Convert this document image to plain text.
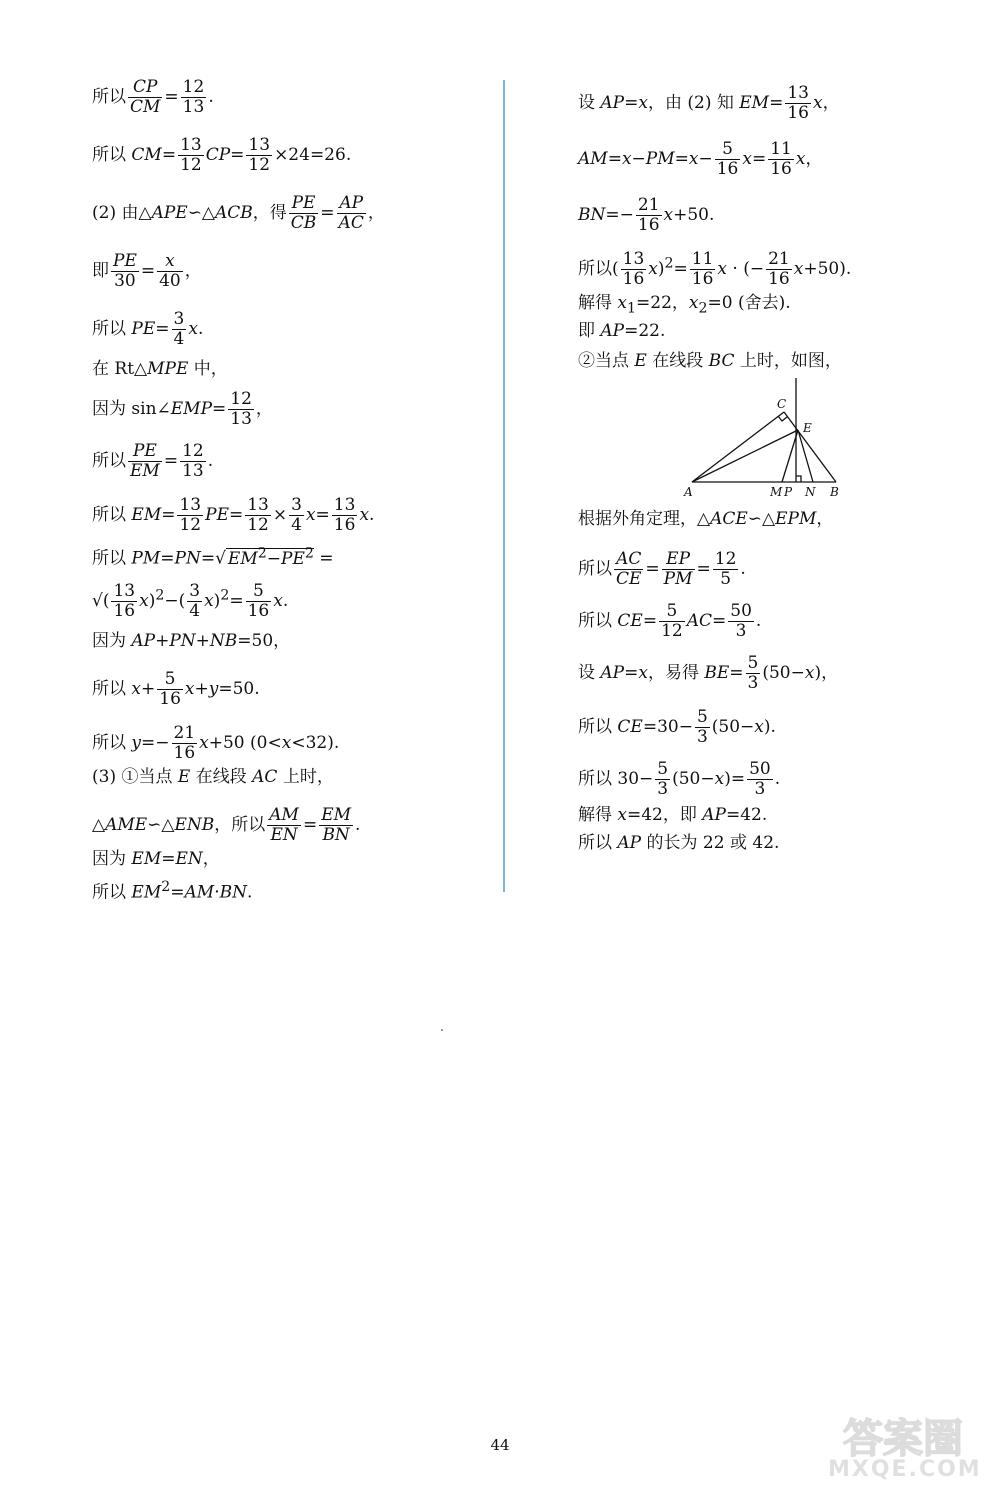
所以 $\frac{CP}{CM} = \frac{12}{13}$ .
所以 $CM= \frac{13}{12} CP= \frac{13}{12} \times 24=26$.
(2) 由△APE∽△ACB，得 $\frac{PE}{CB} = \frac{AP}{AC}$ ，
即 $\frac{PE}{30} = \frac{x}{40}$ ，
所以 $PE= \frac{3}{4} x$.
在 Rt△MPE 中，
因为 sin∠EMP= $\frac{12}{13}$ ，
所以 $\frac{PE}{EM} = \frac{12}{13}$ .
所以 $EM= \frac{13}{12} PE= \frac{13}{12} \times \frac{3}{4} x= \frac{13}{16} x$.
所以 PM=PN=√ $EM^2-PE^2$ =
√( $\frac{13}{16} x)^2-( \frac{3}{4} x)^2= \frac{5}{16} x$.
因为 AP+PN+NB=50，
所以 $x+ \frac{5}{16} x+y=50$.
所以 $y=- \frac{21}{16} x+50$ (0<x<32).
(3) ①当点 E 在线段 AC 上时，
△AME∽△ENB，所以 $\frac{AM}{EN} = \frac{EM}{BN}$ .
因为 EM=EN，
所以 $EM^2=AM\cdot BN$.
设 AP=x，由 (2) 知 $EM= \frac{13}{16}$ x，
$AM=x-PM=x- \frac{5}{16} x= \frac{11}{16}$ x，
$BN=- \frac{21}{16} x+50$.
所以( $\frac{13}{16} x)^2= \frac{11}{16}$ x · (− $\frac{21}{16} x+50$).
解得 $x_1=22$，$x_2=0$ (舍去).
即 AP=22.
②当点 E 在线段 BC 上时，如图，
根据外角定理，△ACE∽△EPM，
所以 $\frac{AC}{CE} = \frac{EP}{PM} = \frac{12}{5}$ .
所以 $CE= \frac{5}{12} AC= \frac{50}{3}$ .
设 AP=x，易得 $BE= \frac{5}{3} (50-x)$，
所以 $CE=30- \frac{5}{3} (50-x)$.
所以 $30- \frac{5}{3} (50-x)= \frac{50}{3}$ .
解得 x=42，即 AP=42.
所以 AP 的长为 22 或 42.
A
C
E
M P N B
44	答案圈
MXQE.COM
